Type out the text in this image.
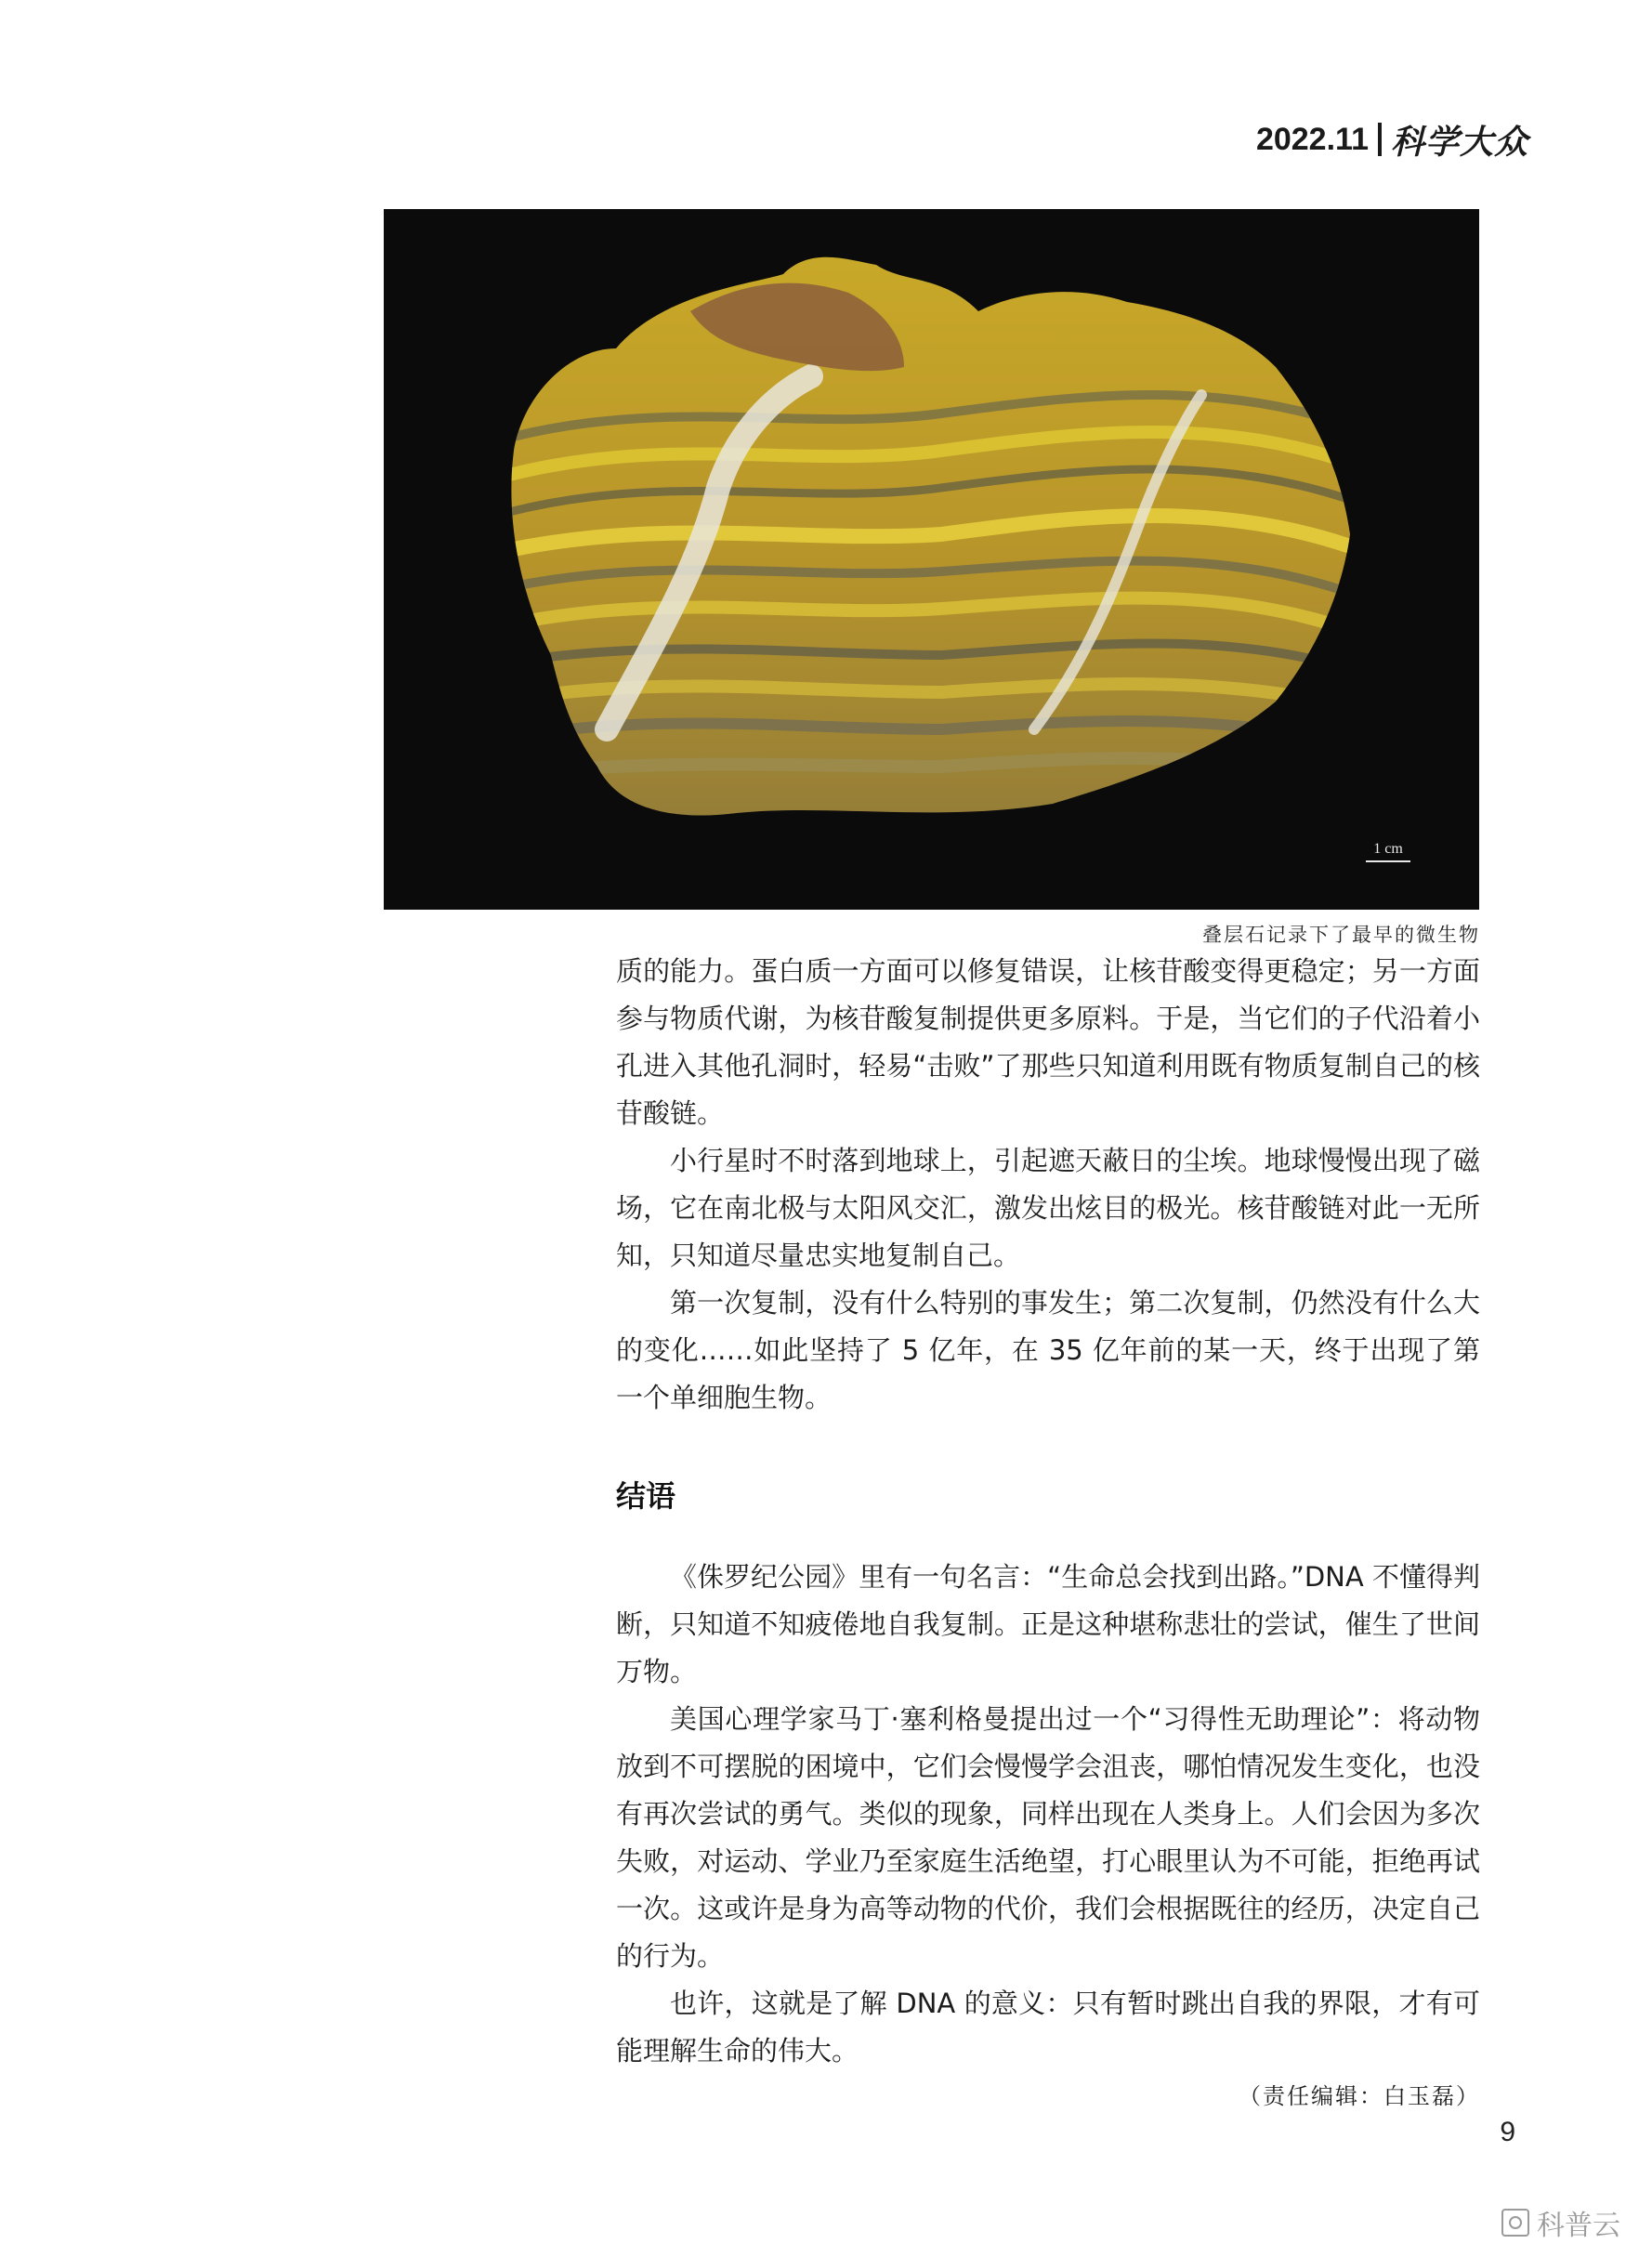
2022.11 科学大众
1 cm
叠层石记录下了最早的微生物

质的能力。蛋白质一方面可以修复错误，让核苷酸变得更稳定；另一方面参与物质代谢，为核苷酸复制提供更多原料。于是，当它们的子代沿着小孔进入其他孔洞时，轻易“击败”了那些只知道利用既有物质复制自己的核苷酸链。

小行星时不时落到地球上，引起遮天蔽日的尘埃。地球慢慢出现了磁场，它在南北极与太阳风交汇，激发出炫目的极光。核苷酸链对此一无所知，只知道尽量忠实地复制自己。

第一次复制，没有什么特别的事发生；第二次复制，仍然没有什么大的变化……如此坚持了 5 亿年，在 35 亿年前的某一天，终于出现了第一个单细胞生物。

结语

《侏罗纪公园》里有一句名言：“生命总会找到出路。”DNA 不懂得判断，只知道不知疲倦地自我复制。正是这种堪称悲壮的尝试，催生了世间万物。

美国心理学家马丁·塞利格曼提出过一个“习得性无助理论”：将动物放到不可摆脱的困境中，它们会慢慢学会沮丧，哪怕情况发生变化，也没有再次尝试的勇气。类似的现象，同样出现在人类身上。人们会因为多次失败，对运动、学业乃至家庭生活绝望，打心眼里认为不可能，拒绝再试一次。这或许是身为高等动物的代价，我们会根据既往的经历，决定自己的行为。

也许，这就是了解 DNA 的意义：只有暂时跳出自我的界限，才有可能理解生命的伟大。

（责任编辑：白玉磊）
9
科普云
